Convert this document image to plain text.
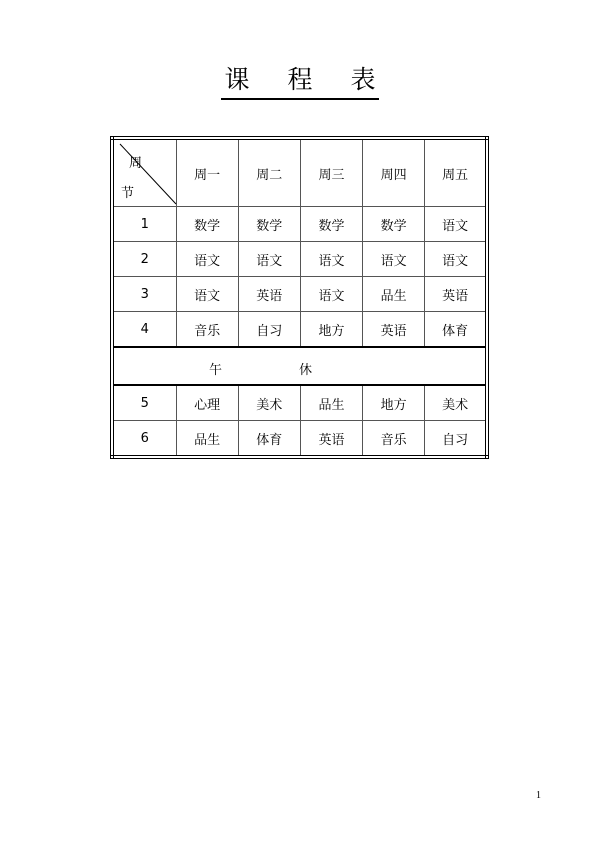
课 程 表
周
节	周一	周二	周三	周四	周五
1	数学	数学	数学	数学	语文
2	语文	语文	语文	语文	语文
3	语文	英语	语文	品生	英语
4	音乐	自习	地方	英语	体育

午 休					

5	心理	美术	品生	地方	美术
6	品生	体育	英语	音乐	自习
1
